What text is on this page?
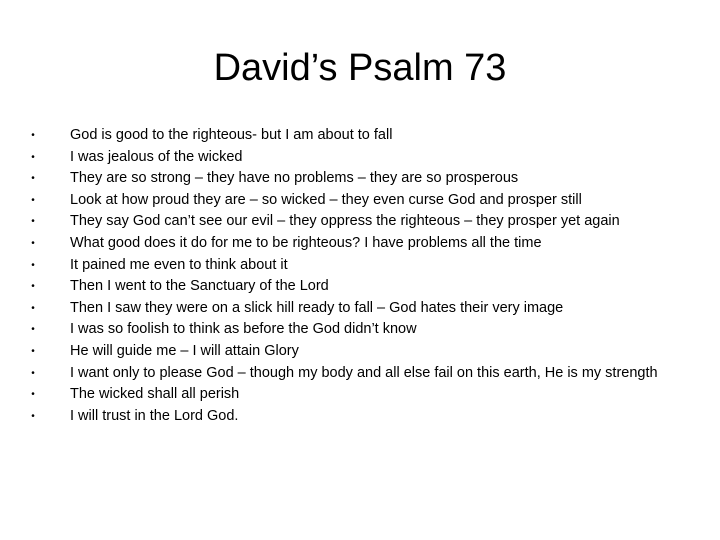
David’s Psalm 73
• God is good to the righteous- but I am about to fall
• I was jealous of the wicked
• They are so strong – they have no problems – they are so prosperous
• Look at how proud they are – so wicked – they even curse God and prosper still
• They say God can’t see our evil – they oppress the righteous – they prosper yet again
• What good does it do for me to be righteous? I have problems all the time
• It pained me even to think about it
• Then I went to the Sanctuary of the Lord
• Then I saw they were on a slick hill ready to fall – God hates their very image
• I was so foolish to think as before the God didn’t know
• He will guide me – I will attain Glory
• I want only to please God – though my body and all else fail on this earth, He is my strength
• The wicked shall all perish
• I will trust in the Lord God.
